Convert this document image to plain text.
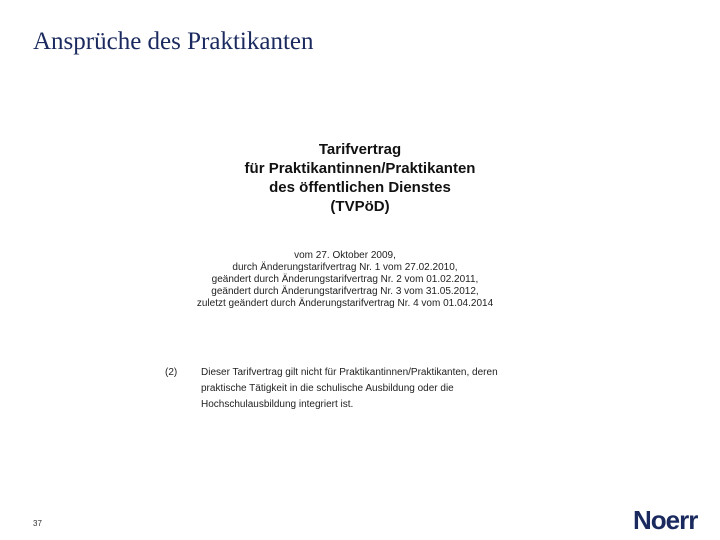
Ansprüche des Praktikanten
Tarifvertrag
für Praktikantinnen/Praktikanten
des öffentlichen Dienstes
(TVPöD)
vom 27. Oktober 2009,
durch Änderungstarifvertrag Nr. 1 vom 27.02.2010,
geändert durch Änderungstarifvertrag Nr. 2 vom 01.02.2011,
geändert durch Änderungstarifvertrag Nr. 3 vom 31.05.2012,
zuletzt geändert durch Änderungstarifvertrag Nr. 4 vom 01.04.2014
(2) Dieser Tarifvertrag gilt nicht für Praktikantinnen/Praktikanten, deren praktische Tätigkeit in die schulische Ausbildung oder die Hochschulausbildung integriert ist.
37	Noerr
